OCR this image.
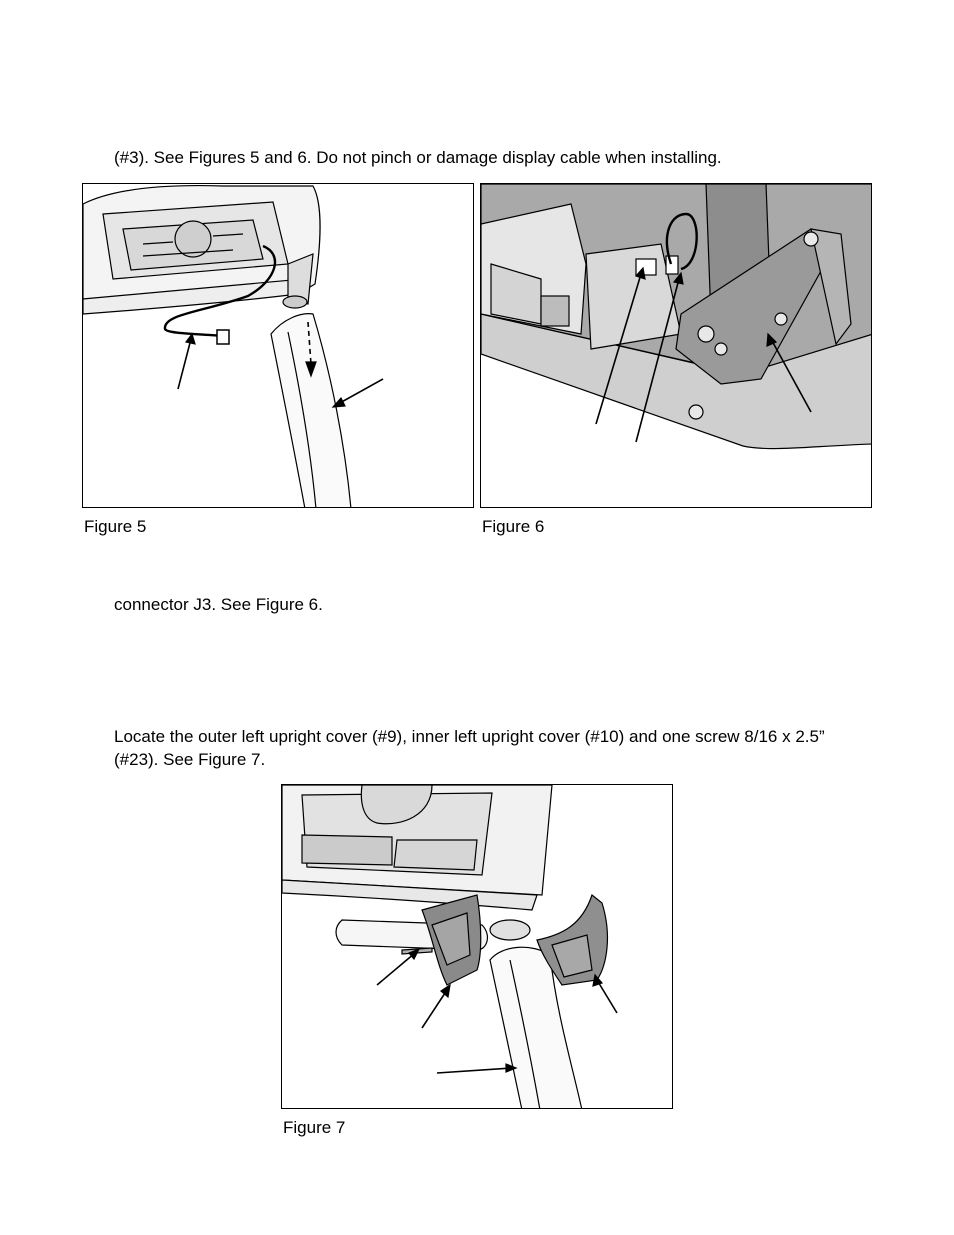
(#3). See Figures 5 and 6. Do not pinch or damage display cable when installing.
Figure 5	Figure 6
connector J3. See Figure 6.
Locate the outer left upright cover (#9), inner left upright cover (#10) and one screw 8/16 x 2.5”
(#23). See Figure 7.
Figure 7
